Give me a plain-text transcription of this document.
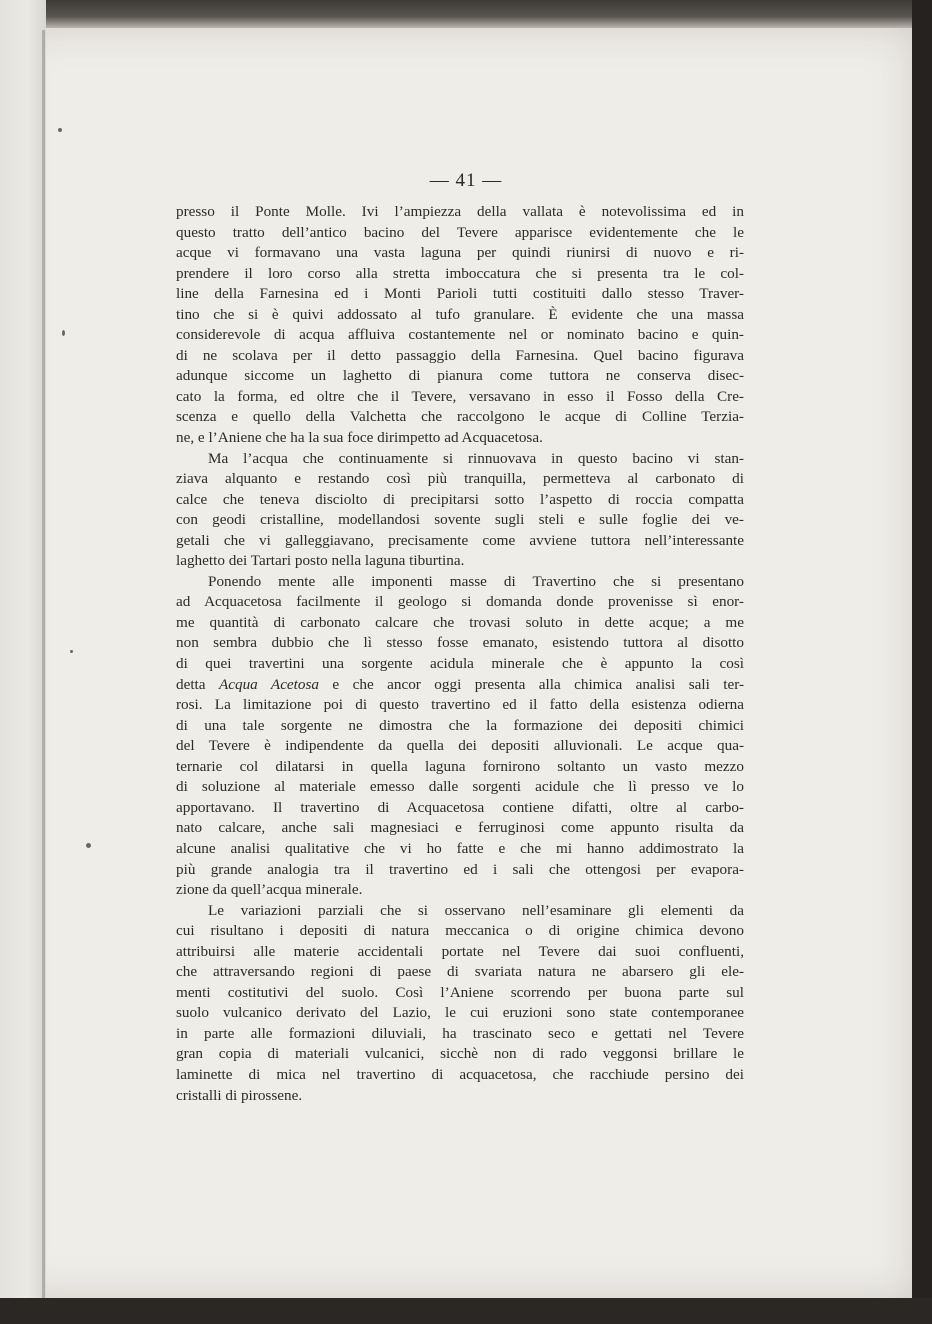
— 41 —
presso il Ponte Molle. Ivi l’ampiezza della vallata è notevolissima ed in
questo tratto dell’antico bacino del Tevere apparisce evidentemente che le
acque vi formavano una vasta laguna per quindi riunirsi di nuovo e ri-
prendere il loro corso alla stretta imboccatura che si presenta tra le col-
line della Farnesina ed i Monti Parioli tutti costituiti dallo stesso Traver-
tino che si è quivi addossato al tufo granulare. È evidente che una massa
considerevole di acqua affluiva costantemente nel or nominato bacino e quin-
di ne scolava per il detto passaggio della Farnesina. Quel bacino figurava
adunque siccome un laghetto di pianura come tuttora ne conserva disec-
cato la forma, ed oltre che il Tevere, versavano in esso il Fosso della Cre-
scenza e quello della Valchetta che raccolgono le acque di Colline Terzia-
ne, e l’Aniene che ha la sua foce dirimpetto ad Acquacetosa.
Ma l’acqua che continuamente si rinnuovava in questo bacino vi stan-
ziava alquanto e restando così più tranquilla, permetteva al carbonato di
calce che teneva disciolto di precipitarsi sotto l’aspetto di roccia compatta
con geodi cristalline, modellandosi sovente sugli steli e sulle foglie dei ve-
getali che vi galleggiavano, precisamente come avviene tuttora nell’interessante
laghetto dei Tartari posto nella laguna tiburtina.
Ponendo mente alle imponenti masse di Travertino che si presentano
ad Acquacetosa facilmente il geologo si domanda donde provenisse sì enor-
me quantità di carbonato calcare che trovasi soluto in dette acque; a me
non sembra dubbio che lì stesso fosse emanato, esistendo tuttora al disotto
di quei travertini una sorgente acidula minerale che è appunto la così
detta Acqua Acetosa e che ancor oggi presenta alla chimica analisi sali ter-
rosi. La limitazione poi di questo travertino ed il fatto della esistenza odierna
di una tale sorgente ne dimostra che la formazione dei depositi chimici
del Tevere è indipendente da quella dei depositi alluvionali. Le acque qua-
ternarie col dilatarsi in quella laguna fornirono soltanto un vasto mezzo
di soluzione al materiale emesso dalle sorgenti acidule che lì presso ve lo
apportavano. Il travertino di Acquacetosa contiene difatti, oltre al carbo-
nato calcare, anche sali magnesiaci e ferruginosi come appunto risulta da
alcune analisi qualitative che vi ho fatte e che mi hanno addimostrato la
più grande analogia tra il travertino ed i sali che ottengosi per evapora-
zione da quell’acqua minerale.
Le variazioni parziali che si osservano nell’esaminare gli elementi da
cui risultano i depositi di natura meccanica o di origine chimica devono
attribuirsi alle materie accidentali portate nel Tevere dai suoi confluenti,
che attraversando regioni di paese di svariata natura ne abarsero gli ele-
menti costitutivi del suolo. Così l’Aniene scorrendo per buona parte sul
suolo vulcanico derivato del Lazio, le cui eruzioni sono state contemporanee
in parte alle formazioni diluviali, ha trascinato seco e gettati nel Tevere
gran copia di materiali vulcanici, sicchè non di rado veggonsi brillare le
laminette di mica nel travertino di acquacetosa, che racchiude persino dei
cristalli di pirossene.
